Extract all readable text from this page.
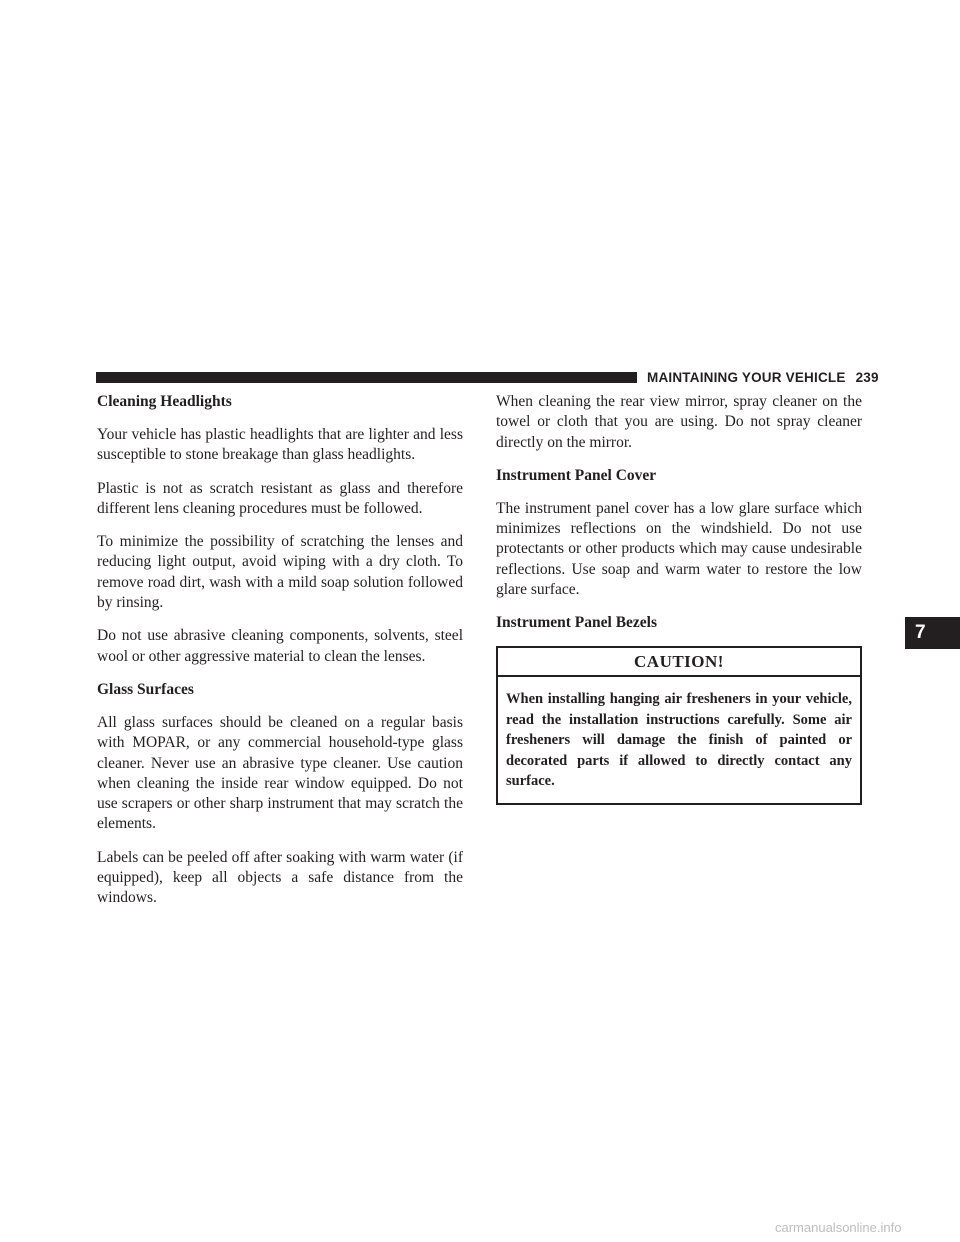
MAINTAINING YOUR VEHICLE 239
Cleaning Headlights

Your vehicle has plastic headlights that are lighter and less susceptible to stone breakage than glass headlights.

Plastic is not as scratch resistant as glass and therefore different lens cleaning procedures must be followed.

To minimize the possibility of scratching the lenses and reducing light output, avoid wiping with a dry cloth. To remove road dirt, wash with a mild soap solution followed by rinsing.

Do not use abrasive cleaning components, solvents, steel wool or other aggressive material to clean the lenses.

Glass Surfaces

All glass surfaces should be cleaned on a regular basis with MOPAR, or any commercial household-type glass cleaner. Never use an abrasive type cleaner. Use caution when cleaning the inside rear window equipped. Do not use scrapers or other sharp instrument that may scratch the elements.

Labels can be peeled off after soaking with warm water (if equipped), keep all objects a safe distance from the windows.

When cleaning the rear view mirror, spray cleaner on the towel or cloth that you are using. Do not spray cleaner directly on the mirror.

Instrument Panel Cover

The instrument panel cover has a low glare surface which minimizes reflections on the windshield. Do not use protectants or other products which may cause undesirable reflections. Use soap and warm water to restore the low glare surface.

Instrument Panel Bezels
CAUTION!
When installing hanging air fresheners in your vehicle, read the installation instructions carefully. Some air fresheners will damage the finish of painted or decorated parts if allowed to directly contact any surface.
7
carmanualsonline.info
